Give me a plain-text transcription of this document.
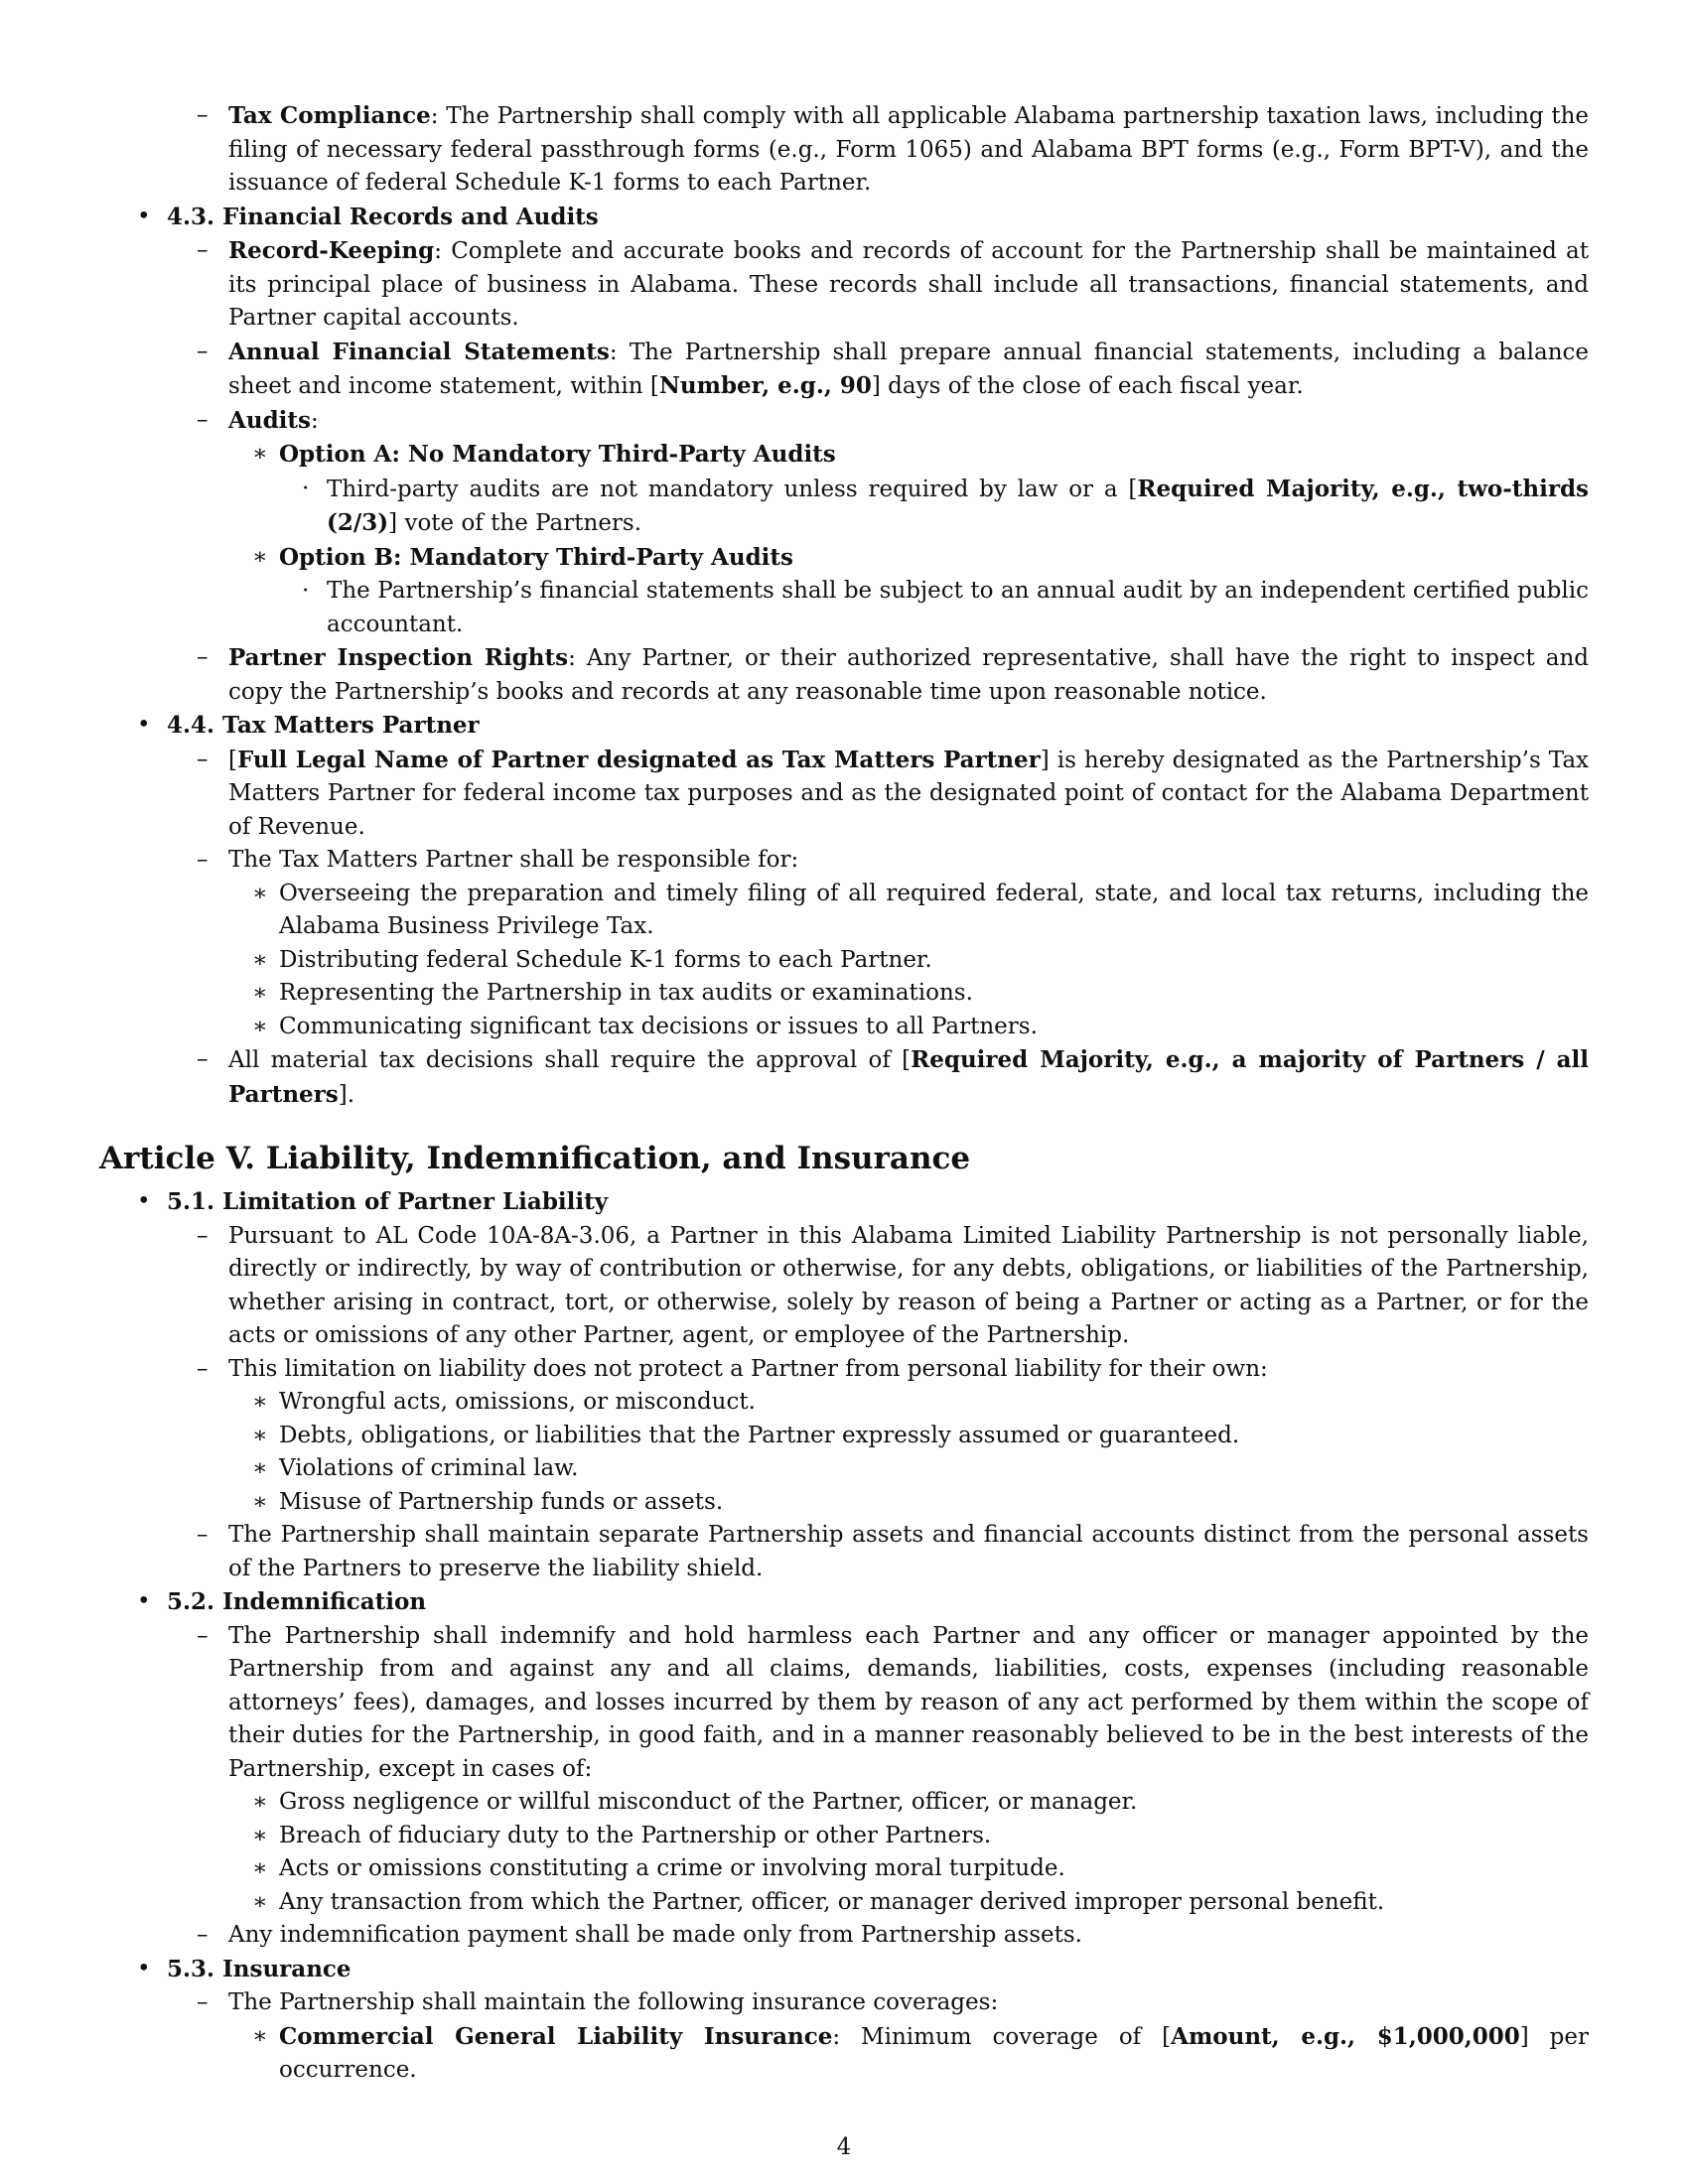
– Tax Compliance: The Partnership shall comply with all applicable Alabama partnership taxation laws, including the filing of necessary federal passthrough forms (e.g., Form 1065) and Alabama BPT forms (e.g., Form BPT-V), and the issuance of federal Schedule K-1 forms to each Partner.
• 4.3. Financial Records and Audits
– Record-Keeping: Complete and accurate books and records of account for the Partnership shall be maintained at its principal place of business in Alabama. These records shall include all transactions, financial statements, and Partner capital accounts.
– Annual Financial Statements: The Partnership shall prepare annual financial statements, including a balance sheet and income statement, within [Number, e.g., 90] days of the close of each fiscal year.
– Audits:
∗ Option A: No Mandatory Third-Party Audits
· Third-party audits are not mandatory unless required by law or a [Required Majority, e.g., two-thirds (2/3)] vote of the Partners.
∗ Option B: Mandatory Third-Party Audits
· The Partnership’s financial statements shall be subject to an annual audit by an independent certified public accountant.
– Partner Inspection Rights: Any Partner, or their authorized representative, shall have the right to inspect and copy the Partnership’s books and records at any reasonable time upon reasonable notice.
• 4.4. Tax Matters Partner
– [Full Legal Name of Partner designated as Tax Matters Partner] is hereby designated as the Partnership’s Tax Matters Partner for federal income tax purposes and as the designated point of contact for the Alabama Department of Revenue.
– The Tax Matters Partner shall be responsible for:
∗ Overseeing the preparation and timely filing of all required federal, state, and local tax returns, including the Alabama Business Privilege Tax.
∗ Distributing federal Schedule K-1 forms to each Partner.
∗ Representing the Partnership in tax audits or examinations.
∗ Communicating significant tax decisions or issues to all Partners.
– All material tax decisions shall require the approval of [Required Majority, e.g., a majority of Partners / all Partners].
Article V. Liability, Indemnification, and Insurance
• 5.1. Limitation of Partner Liability
– Pursuant to AL Code 10A-8A-3.06, a Partner in this Alabama Limited Liability Partnership is not personally liable, directly or indirectly, by way of contribution or otherwise, for any debts, obligations, or liabilities of the Partnership, whether arising in contract, tort, or otherwise, solely by reason of being a Partner or acting as a Partner, or for the acts or omissions of any other Partner, agent, or employee of the Partnership.
– This limitation on liability does not protect a Partner from personal liability for their own:
∗ Wrongful acts, omissions, or misconduct.
∗ Debts, obligations, or liabilities that the Partner expressly assumed or guaranteed.
∗ Violations of criminal law.
∗ Misuse of Partnership funds or assets.
– The Partnership shall maintain separate Partnership assets and financial accounts distinct from the personal assets of the Partners to preserve the liability shield.
• 5.2. Indemnification
– The Partnership shall indemnify and hold harmless each Partner and any officer or manager appointed by the Partnership from and against any and all claims, demands, liabilities, costs, expenses (including reasonable attorneys’ fees), damages, and losses incurred by them by reason of any act performed by them within the scope of their duties for the Partnership, in good faith, and in a manner reasonably believed to be in the best interests of the Partnership, except in cases of:
∗ Gross negligence or willful misconduct of the Partner, officer, or manager.
∗ Breach of fiduciary duty to the Partnership or other Partners.
∗ Acts or omissions constituting a crime or involving moral turpitude.
∗ Any transaction from which the Partner, officer, or manager derived improper personal benefit.
– Any indemnification payment shall be made only from Partnership assets.
• 5.3. Insurance
– The Partnership shall maintain the following insurance coverages:
∗ Commercial General Liability Insurance: Minimum coverage of [Amount, e.g., $1,000,000] per occurrence.
4
